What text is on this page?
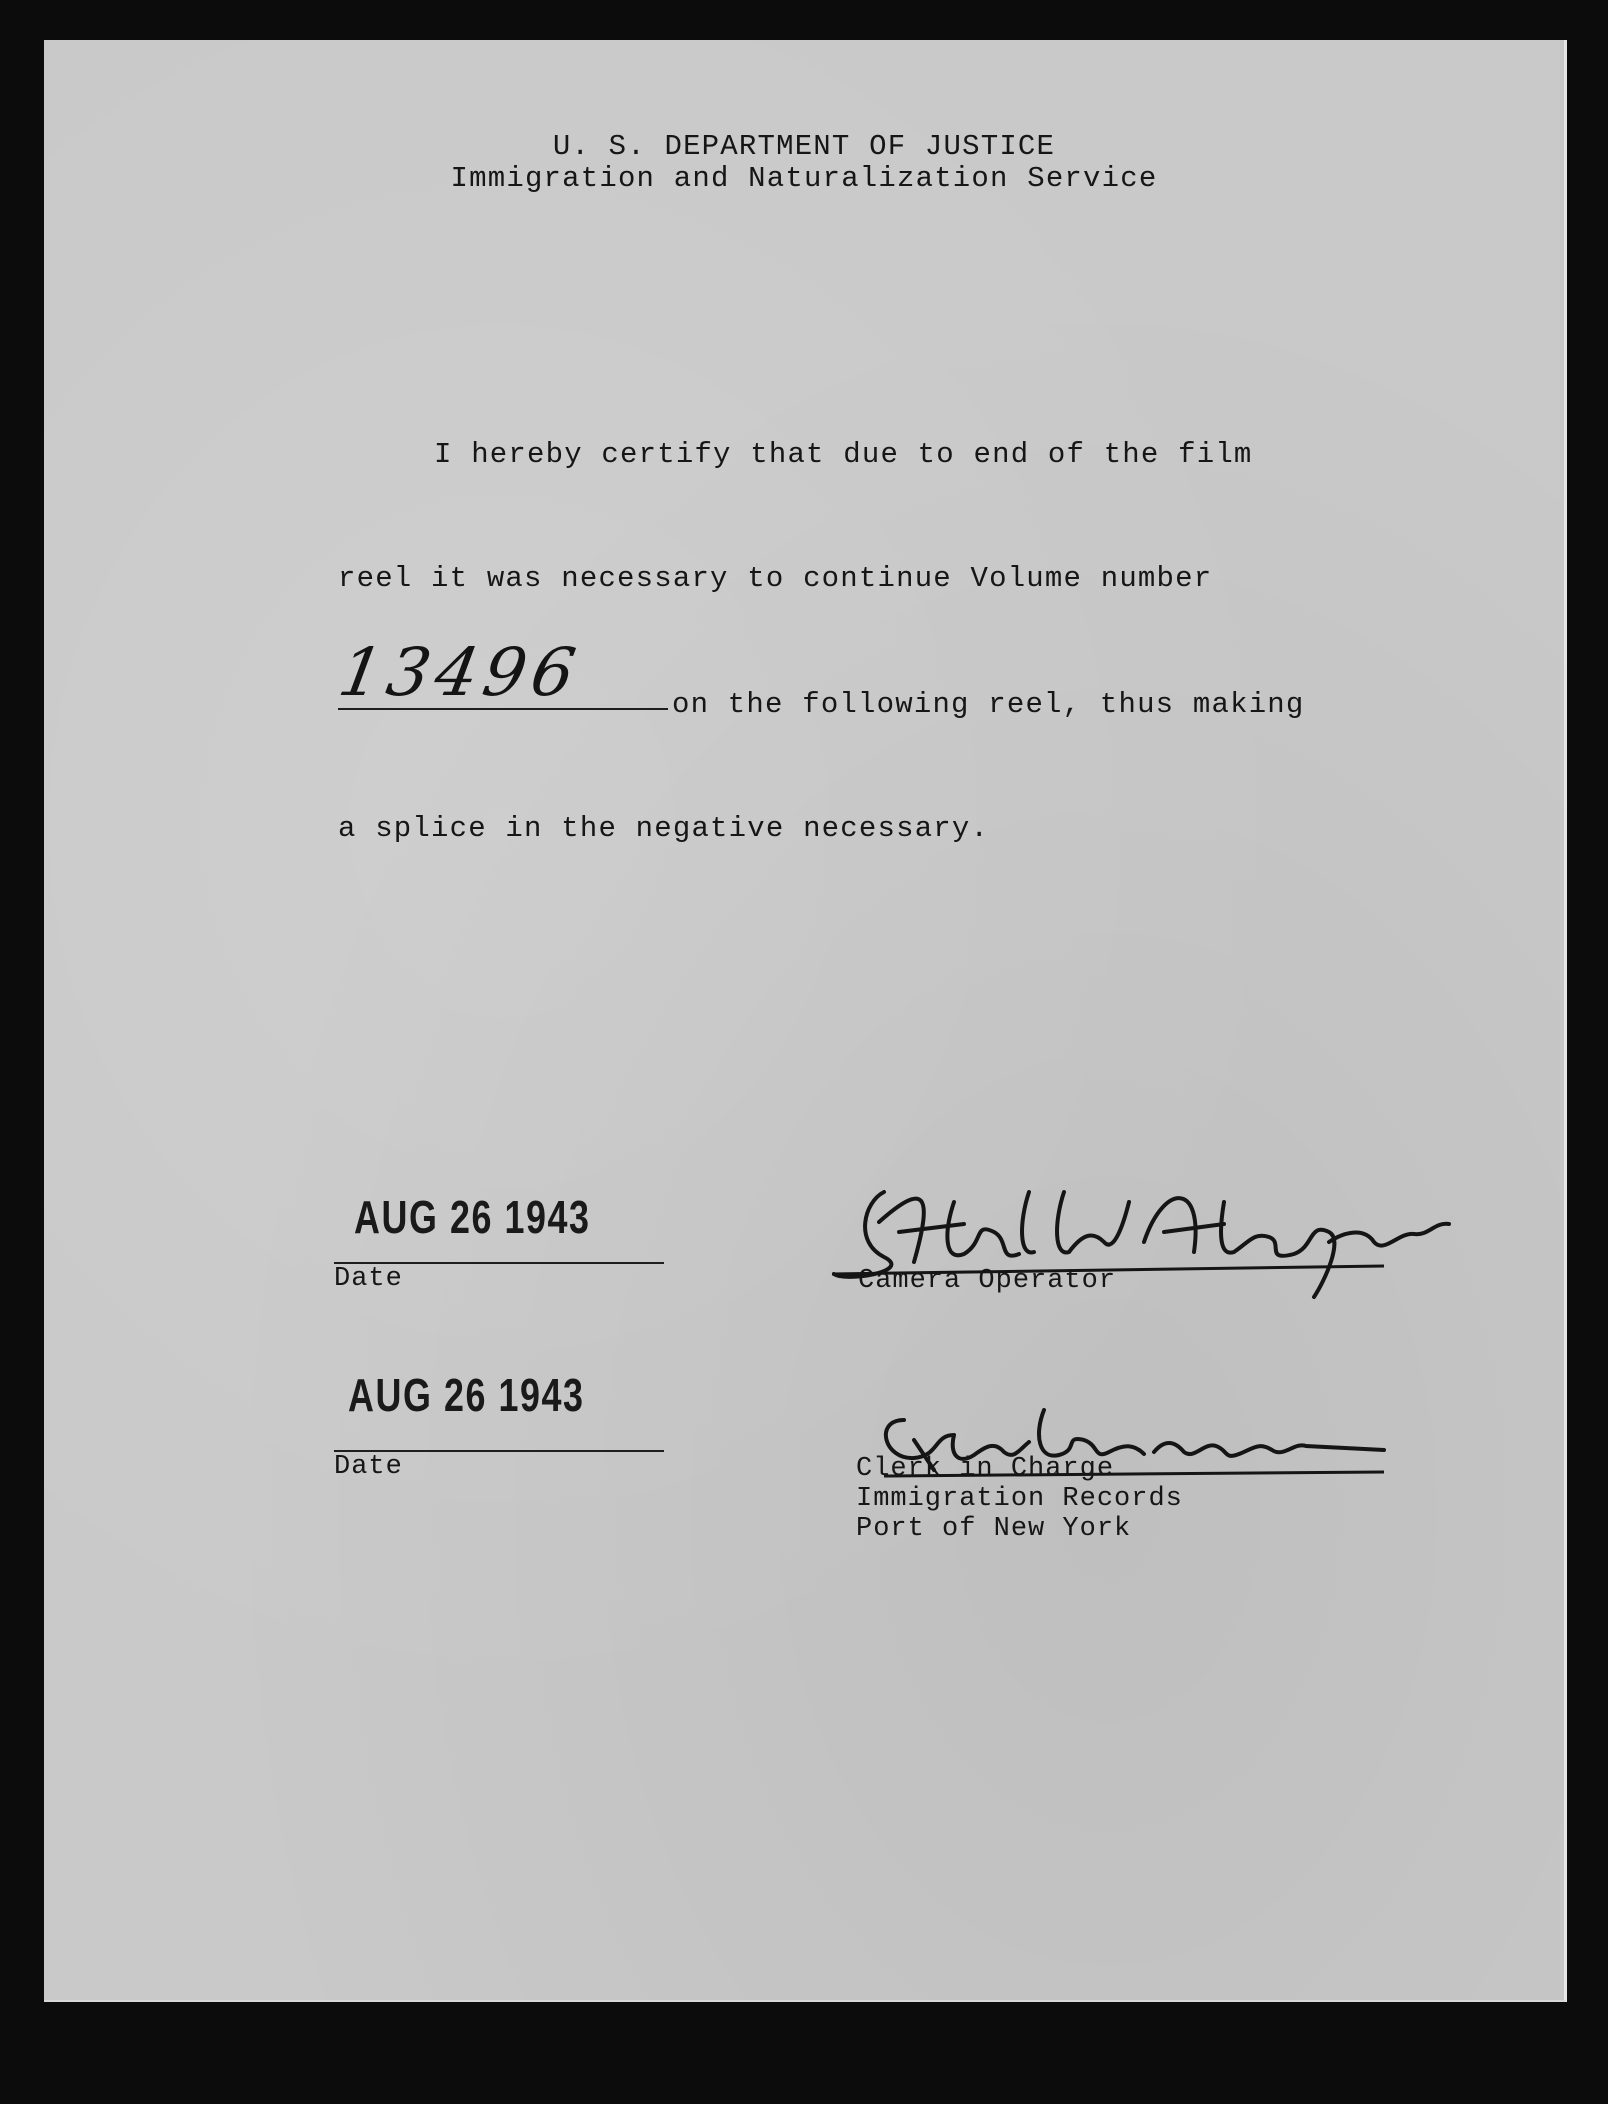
U. S. DEPARTMENT OF JUSTICE
Immigration and Naturalization Service
I hereby certify that due to end of the film
reel it was necessary to continue Volume number
13496	on the following reel, thus making
a splice in the negative necessary.
AUG 26 1943
Date	Camera Operator
AUG 26 1943
Date	Clerk in Charge
Immigration Records
Port of New York
